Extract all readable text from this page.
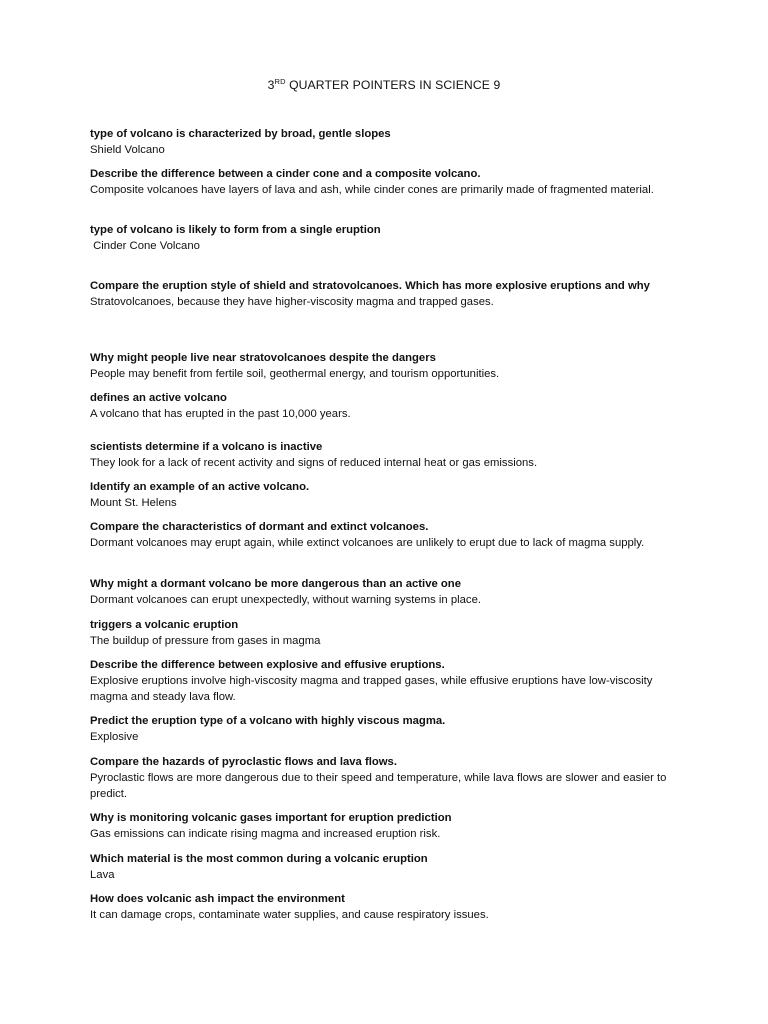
3RD QUARTER POINTERS IN SCIENCE 9

type of volcano is characterized by broad, gentle slopes

Shield Volcano

Describe the difference between a cinder cone and a composite volcano.

Composite volcanoes have layers of lava and ash, while cinder cones are primarily made of fragmented material.

type of volcano is likely to form from a single eruption

Cinder Cone Volcano

Compare the eruption style of shield and stratovolcanoes. Which has more explosive eruptions and why

Stratovolcanoes, because they have higher-viscosity magma and trapped gases.

Why might people live near stratovolcanoes despite the dangers

People may benefit from fertile soil, geothermal energy, and tourism opportunities.

defines an active volcano

A volcano that has erupted in the past 10,000 years.

scientists determine if a volcano is inactive

They look for a lack of recent activity and signs of reduced internal heat or gas emissions.

Identify an example of an active volcano.

Mount St. Helens

Compare the characteristics of dormant and extinct volcanoes.

Dormant volcanoes may erupt again, while extinct volcanoes are unlikely to erupt due to lack of magma supply.

Why might a dormant volcano be more dangerous than an active one

Dormant volcanoes can erupt unexpectedly, without warning systems in place.

triggers a volcanic eruption

The buildup of pressure from gases in magma

Describe the difference between explosive and effusive eruptions.

Explosive eruptions involve high-viscosity magma and trapped gases, while effusive eruptions have low-viscosity magma and steady lava flow.

Predict the eruption type of a volcano with highly viscous magma.

Explosive

Compare the hazards of pyroclastic flows and lava flows.

Pyroclastic flows are more dangerous due to their speed and temperature, while lava flows are slower and easier to predict.

Why is monitoring volcanic gases important for eruption prediction

Gas emissions can indicate rising magma and increased eruption risk.

Which material is the most common during a volcanic eruption

Lava

How does volcanic ash impact the environment

It can damage crops, contaminate water supplies, and cause respiratory issues.
